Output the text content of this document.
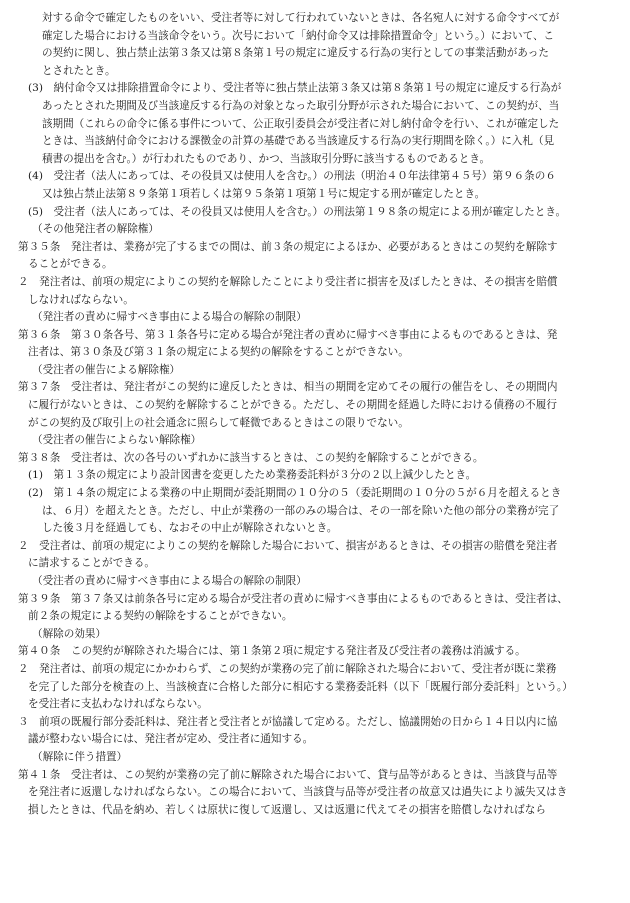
対する命令で確定したものをいい、受注者等に対して行われていないときは、各名宛人に対する命令すべてが
確定した場合における当該命令をいう。次号において「納付命令又は排除措置命令」という。）において、こ
の契約に関し、独占禁止法第３条又は第８条第１号の規定に違反する行為の実行としての事業活動があった
とされたとき。
(3)　納付命令又は排除措置命令により、受注者等に独占禁止法第３条又は第８条第１号の規定に違反する行為が
あったとされた期間及び当該違反する行為の対象となった取引分野が示された場合において、この契約が、当
該期間（これらの命令に係る事件について、公正取引委員会が受注者に対し納付命令を行い、これが確定した
ときは、当該納付命令における課徴金の計算の基礎である当該違反する行為の実行期間を除く。）に入札（見
積書の提出を含む。）が行われたものであり、かつ、当該取引分野に該当するものであるとき。
(4)　受注者（法人にあっては、その役員又は使用人を含む。）の刑法（明治４０年法律第４５号）第９６条の６
又は独占禁止法第８９条第１項若しくは第９５条第１項第１号に規定する刑が確定したとき。
(5)　受注者（法人にあっては、その役員又は使用人を含む。）の刑法第１９８条の規定による刑が確定したとき。
（その他発注者の解除権）
第３５条　発注者は、業務が完了するまでの間は、前３条の規定によるほか、必要があるときはこの契約を解除す
ることができる。
２　発注者は、前項の規定によりこの契約を解除したことにより受注者に損害を及ぼしたときは、その損害を賠償
しなければならない。
（発注者の責めに帰すべき事由による場合の解除の制限）
第３６条　第３０条各号、第３１条各号に定める場合が発注者の責めに帰すべき事由によるものであるときは、発
注者は、第３０条及び第３１条の規定による契約の解除をすることができない。
（受注者の催告による解除権）
第３７条　受注者は、発注者がこの契約に違反したときは、相当の期間を定めてその履行の催告をし、その期間内
に履行がないときは、この契約を解除することができる。ただし、その期間を経過した時における債務の不履行
がこの契約及び取引上の社会通念に照らして軽微であるときはこの限りでない。
（受注者の催告によらない解除権）
第３８条　受注者は、次の各号のいずれかに該当するときは、この契約を解除することができる。
(1)　第１３条の規定により設計図書を変更したため業務委託料が３分の２以上減少したとき。
(2)　第１４条の規定による業務の中止期間が委託期間の１０分の５（委託期間の１０分の５が６月を超えるとき
は、６月）を超えたとき。ただし、中止が業務の一部のみの場合は、その一部を除いた他の部分の業務が完了
した後３月を経過しても、なおその中止が解除されないとき。
２　受注者は、前項の規定によりこの契約を解除した場合において、損害があるときは、その損害の賠償を発注者
に請求することができる。
（受注者の責めに帰すべき事由による場合の解除の制限）
第３９条　第３７条又は前条各号に定める場合が受注者の責めに帰すべき事由によるものであるときは、受注者は、
前２条の規定による契約の解除をすることができない。
（解除の効果）
第４０条　この契約が解除された場合には、第１条第２項に規定する発注者及び受注者の義務は消滅する。
２　発注者は、前項の規定にかかわらず、この契約が業務の完了前に解除された場合において、受注者が既に業務
を完了した部分を検査の上、当該検査に合格した部分に相応する業務委託料（以下「既履行部分委託料」という。）
を受注者に支払わなければならない。
３　前項の既履行部分委託料は、発注者と受注者とが協議して定める。ただし、協議開始の日から１４日以内に協
議が整わない場合には、発注者が定め、受注者に通知する。
（解除に伴う措置）
第４１条　受注者は、この契約が業務の完了前に解除された場合において、貸与品等があるときは、当該貸与品等
を発注者に返還しなければならない。この場合において、当該貸与品等が受注者の故意又は過失により滅失又はき
損したときは、代品を納め、若しくは原状に復して返還し、又は返還に代えてその損害を賠償しなければなら
